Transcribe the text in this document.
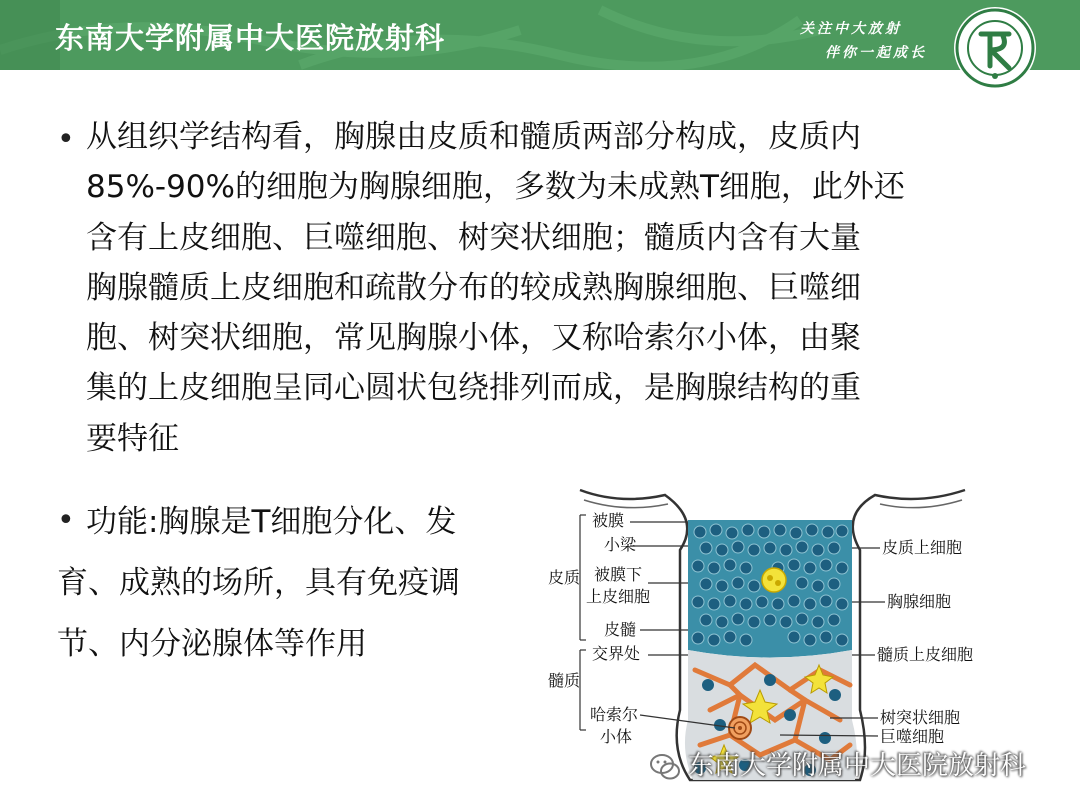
东南大学附属中大医院放射科	关注中大放射
伴你一起成长
• 从组织学结构看，胸腺由皮质和髓质两部分构成，皮质内
85%-90%的细胞为胸腺细胞，多数为未成熟T细胞，此外还
含有上皮细胞、巨噬细胞、树突状细胞；髓质内含有大量
胸腺髓质上皮细胞和疏散分布的较成熟胸腺细胞、巨噬细
胞、树突状细胞，常见胸腺小体，又称哈索尔小体，由聚
集的上皮细胞呈同心圆状包绕排列而成，是胸腺结构的重
要特征
• 功能:胸腺是T细胞分化、发
育、成熟的场所，具有免疫调
节、内分泌腺体等作用
被膜
小梁
皮质 被膜下
上皮细胞
皮髓
交界处
髓质
哈索尔
小体
皮质上细胞
胸腺细胞
髓质上皮细胞
树突状细胞
巨噬细胞
东南大学附属中大医院放射科
